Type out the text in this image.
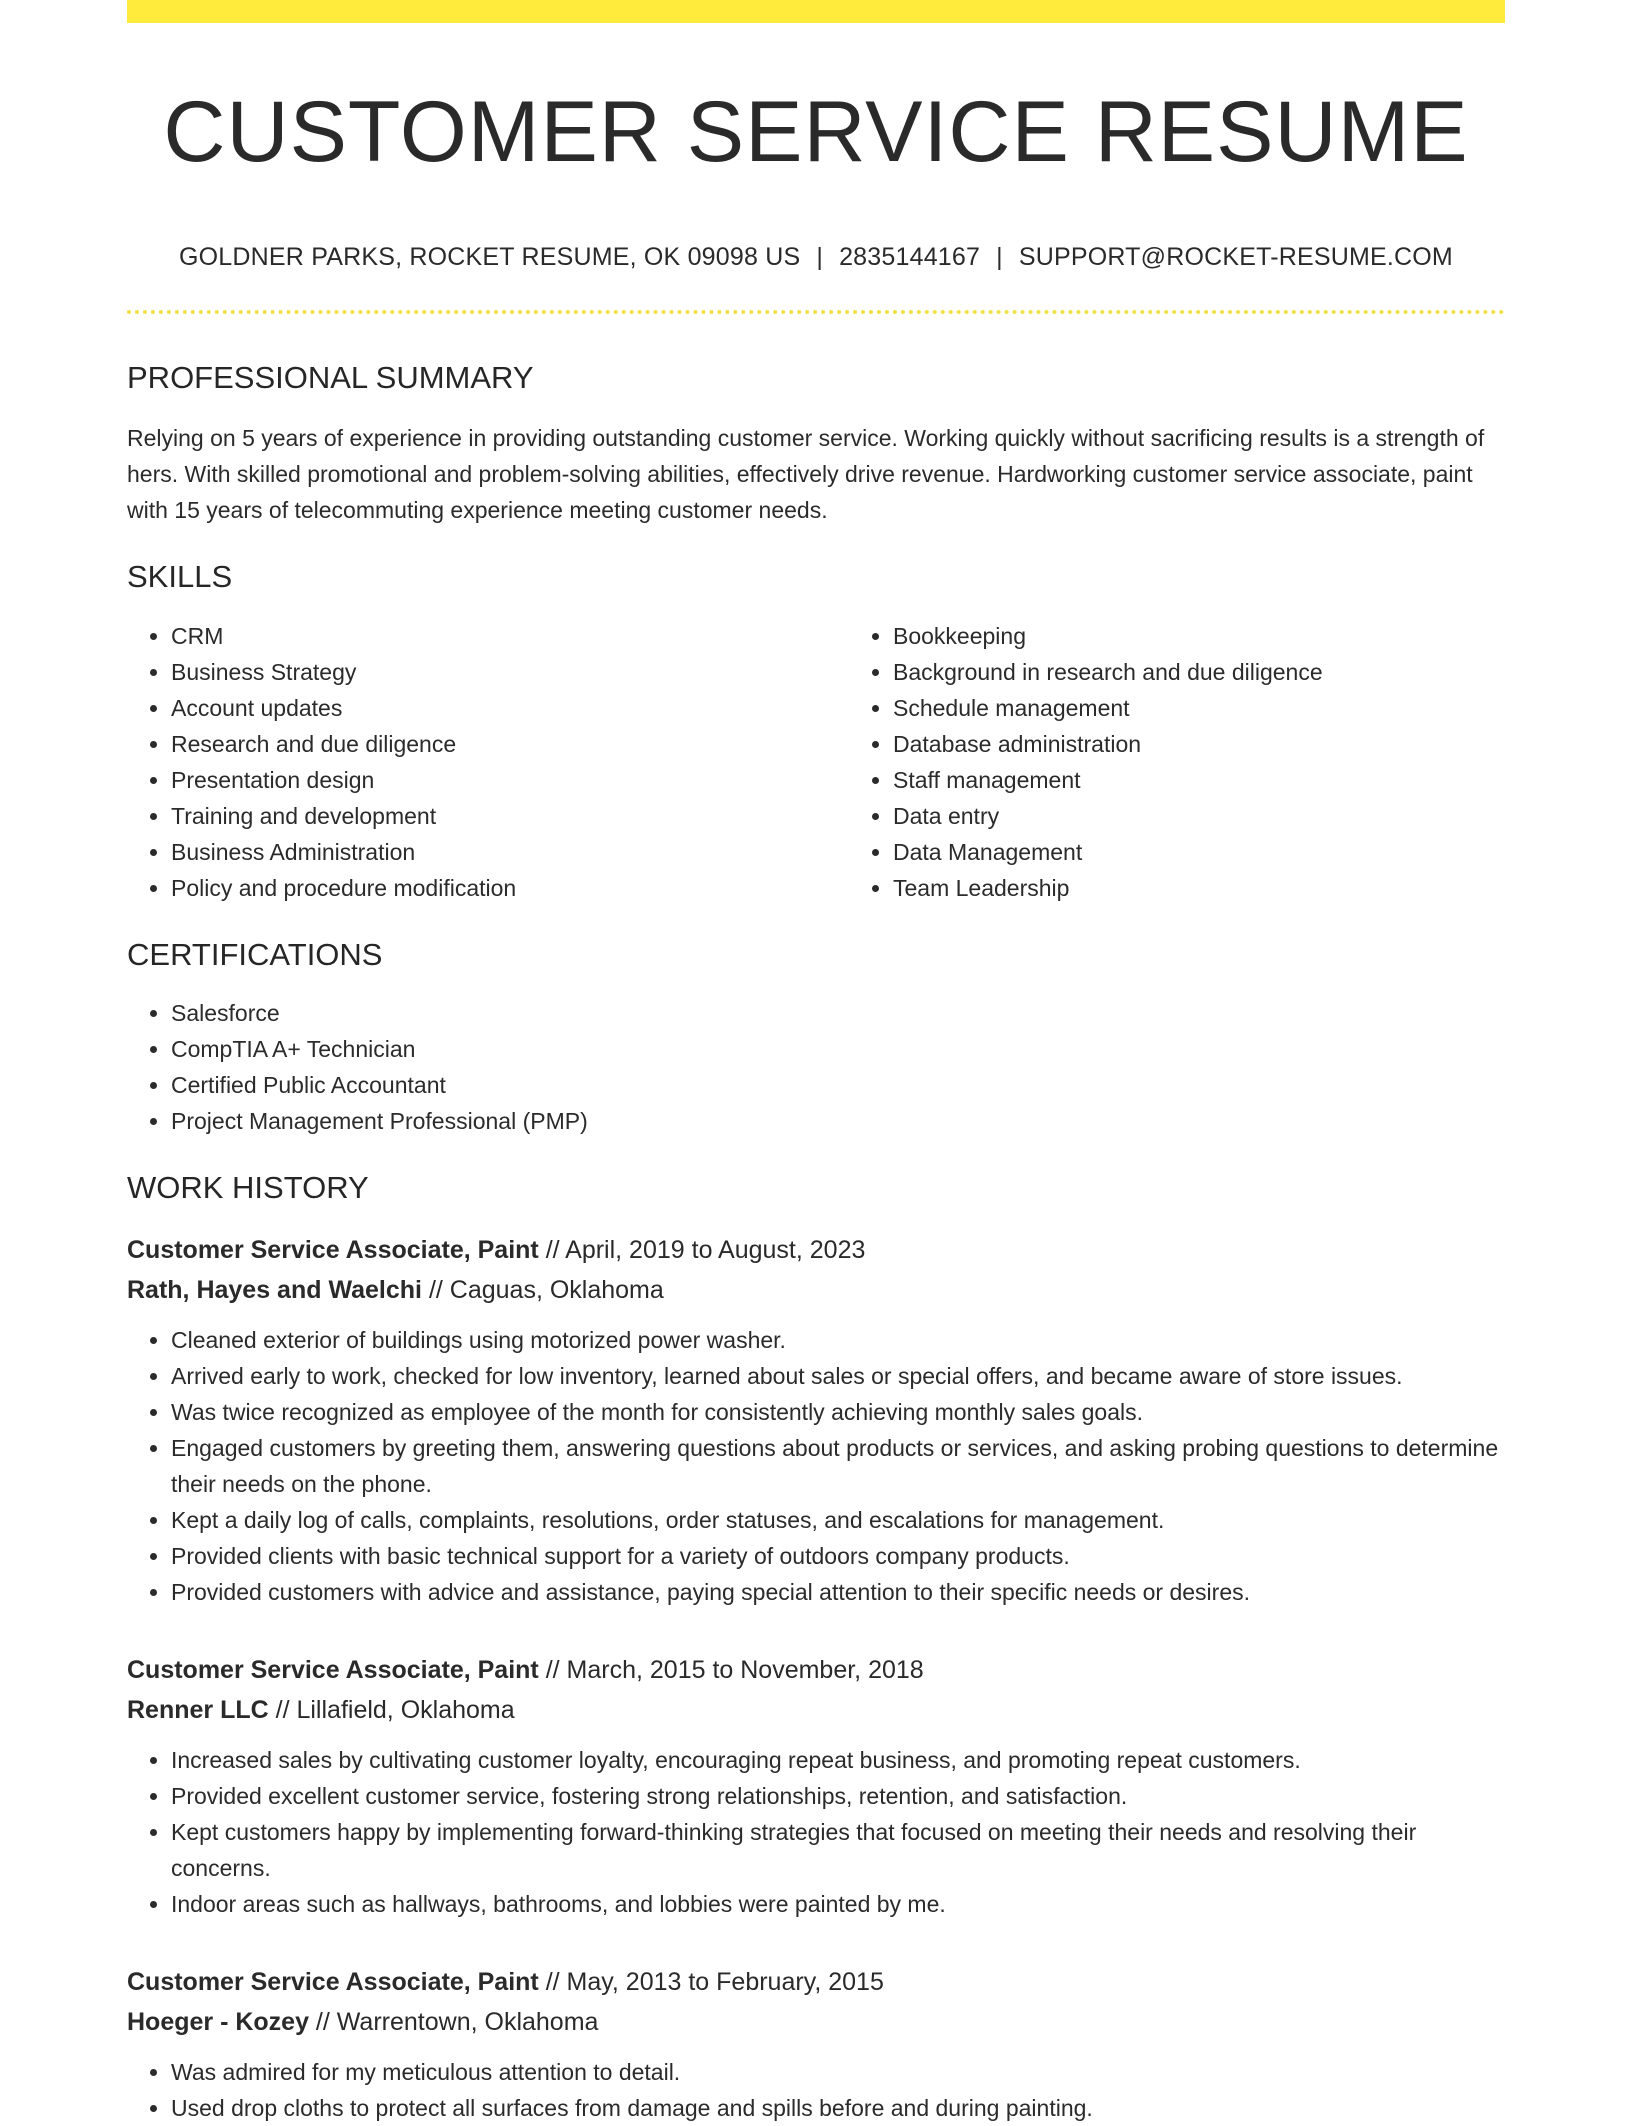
CUSTOMER SERVICE RESUME
GOLDNER PARKS, ROCKET RESUME, OK 09098 US | 2835144167 | SUPPORT@ROCKET-RESUME.COM
PROFESSIONAL SUMMARY

Relying on 5 years of experience in providing outstanding customer service. Working quickly without sacrificing results is a strength of hers. With skilled promotional and problem-solving abilities, effectively drive revenue. Hardworking customer service associate, paint with 15 years of telecommuting experience meeting customer needs.

SKILLS
• CRM
• Business Strategy
• Account updates
• Research and due diligence
• Presentation design
• Training and development
• Business Administration
• Policy and procedure modification
• Bookkeeping
• Background in research and due diligence
• Schedule management
• Database administration
• Staff management
• Data entry
• Data Management
• Team Leadership
CERTIFICATIONS
• Salesforce
• CompTIA A+ Technician
• Certified Public Accountant
• Project Management Professional (PMP)
WORK HISTORY
Customer Service Associate, Paint // April, 2019 to August, 2023
Rath, Hayes and Waelchi // Caguas, Oklahoma
• Cleaned exterior of buildings using motorized power washer.
• Arrived early to work, checked for low inventory, learned about sales or special offers, and became aware of store issues.
• Was twice recognized as employee of the month for consistently achieving monthly sales goals.
• Engaged customers by greeting them, answering questions about products or services, and asking probing questions to determine their needs on the phone.
• Kept a daily log of calls, complaints, resolutions, order statuses, and escalations for management.
• Provided clients with basic technical support for a variety of outdoors company products.
• Provided customers with advice and assistance, paying special attention to their specific needs or desires.
Customer Service Associate, Paint // March, 2015 to November, 2018
Renner LLC // Lillafield, Oklahoma
• Increased sales by cultivating customer loyalty, encouraging repeat business, and promoting repeat customers.
• Provided excellent customer service, fostering strong relationships, retention, and satisfaction.
• Kept customers happy by implementing forward-thinking strategies that focused on meeting their needs and resolving their concerns.
• Indoor areas such as hallways, bathrooms, and lobbies were painted by me.
Customer Service Associate, Paint // May, 2013 to February, 2015
Hoeger - Kozey // Warrentown, Oklahoma
• Was admired for my meticulous attention to detail.
• Used drop cloths to protect all surfaces from damage and spills before and during painting.
